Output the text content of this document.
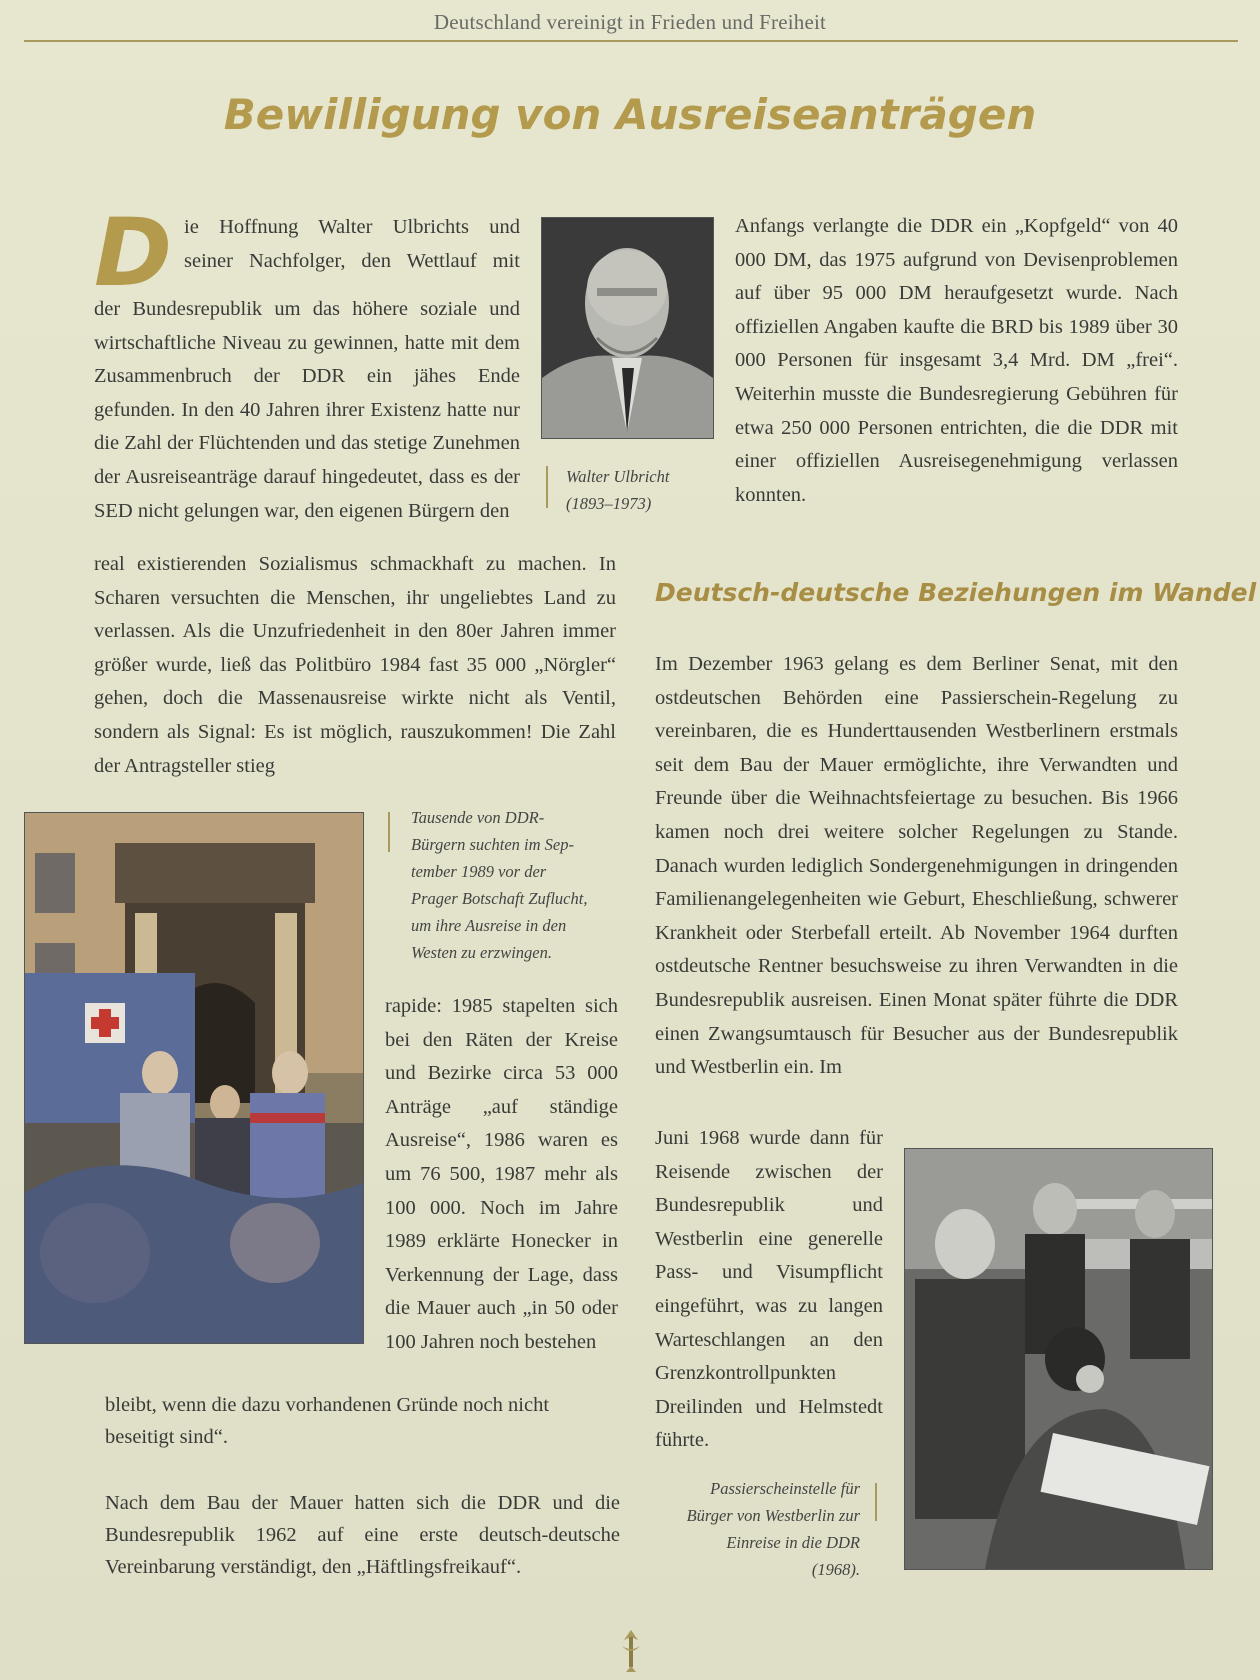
Deutschland vereinigt in Frieden und Freiheit
Bewilligung von Ausreiseanträgen
D ie Hoffnung Walter Ulbrichts und

seiner Nachfolger, den Wettlauf mit

der Bundesrepublik um das höhere soziale und wirtschaftliche Niveau zu gewinnen, hatte mit dem Zusammenbruch der DDR ein jähes Ende gefunden. In den 40 Jahren ihrer Existenz hatte nur die Zahl der Flüchtenden und das stetige Zunehmen der Ausreiseanträge darauf hingedeutet, dass es der SED nicht gelungen war, den eigenen Bürgern den

Walter Ulbricht
(1893–1973)

real existierenden Sozialismus schmackhaft zu machen. In Scharen versuchten die Menschen, ihr ungeliebtes Land zu verlassen. Als die Unzufriedenheit in den 80er Jahren immer größer wurde, ließ das Politbüro 1984 fast 35 000 „Nörgler“ gehen, doch die Massenausreise wirkte nicht als Ventil, sondern als Signal: Es ist möglich, rauszukommen! Die Zahl der Antragsteller stieg

Tausende von DDR-
Bürgern suchten im Sep-
tember 1989 vor der
Prager Botschaft Zuflucht,
um ihre Ausreise in den
Westen zu erzwingen.

rapide: 1985 stapelten sich bei den Räten der Kreise und Bezirke circa 53 000 Anträge „auf ständige Ausreise“, 1986 waren es um 76 500, 1987 mehr als 100 000. Noch im Jahre 1989 erklärte Honecker in Verkennung der Lage, dass die Mauer auch „in 50 oder 100 Jahren noch bestehen

bleibt, wenn die dazu vorhandenen Gründe noch nicht beseitigt sind“.

Nach dem Bau der Mauer hatten sich die DDR und die Bundesrepublik 1962 auf eine erste deutsch-deutsche Vereinbarung verständigt, den „Häftlingsfreikauf“.

Anfangs verlangte die DDR ein „Kopfgeld“ von 40 000 DM, das 1975 aufgrund von Devisenproblemen auf über 95 000 DM heraufgesetzt wurde. Nach offiziellen Angaben kaufte die BRD bis 1989 über 30 000 Personen für insgesamt 3,4 Mrd. DM „frei“. Weiterhin musste die Bundesregierung Gebühren für etwa 250 000 Personen entrichten, die die DDR mit einer offiziellen Ausreisegenehmigung verlassen konnten.

Deutsch-deutsche Beziehungen im Wandel

Im Dezember 1963 gelang es dem Berliner Senat, mit den ostdeutschen Behörden eine Passierschein-Regelung zu vereinbaren, die es Hunderttausenden Westberlinern erstmals seit dem Bau der Mauer ermöglichte, ihre Verwandten und Freunde über die Weihnachtsfeiertage zu besuchen. Bis 1966 kamen noch drei weitere solcher Regelungen zu Stande. Danach wurden lediglich Sondergenehmigungen in dringenden Familienangelegenheiten wie Geburt, Eheschließung, schwerer Krankheit oder Sterbefall erteilt. Ab November 1964 durften ostdeutsche Rentner besuchsweise zu ihren Verwandten in die Bundesrepublik ausreisen. Einen Monat später führte die DDR einen Zwangsumtausch für Besucher aus der Bundesrepublik und Westberlin ein. Im

Juni 1968 wurde dann für Reisende zwischen der Bundesrepublik und Westberlin eine generelle Pass- und Visumpflicht eingeführt, was zu langen Warteschlangen an den Grenzkontrollpunkten Dreilinden und Helmstedt führte.

Passierscheinstelle für
Bürger von Westberlin zur
Einreise in die DDR
(1968).
